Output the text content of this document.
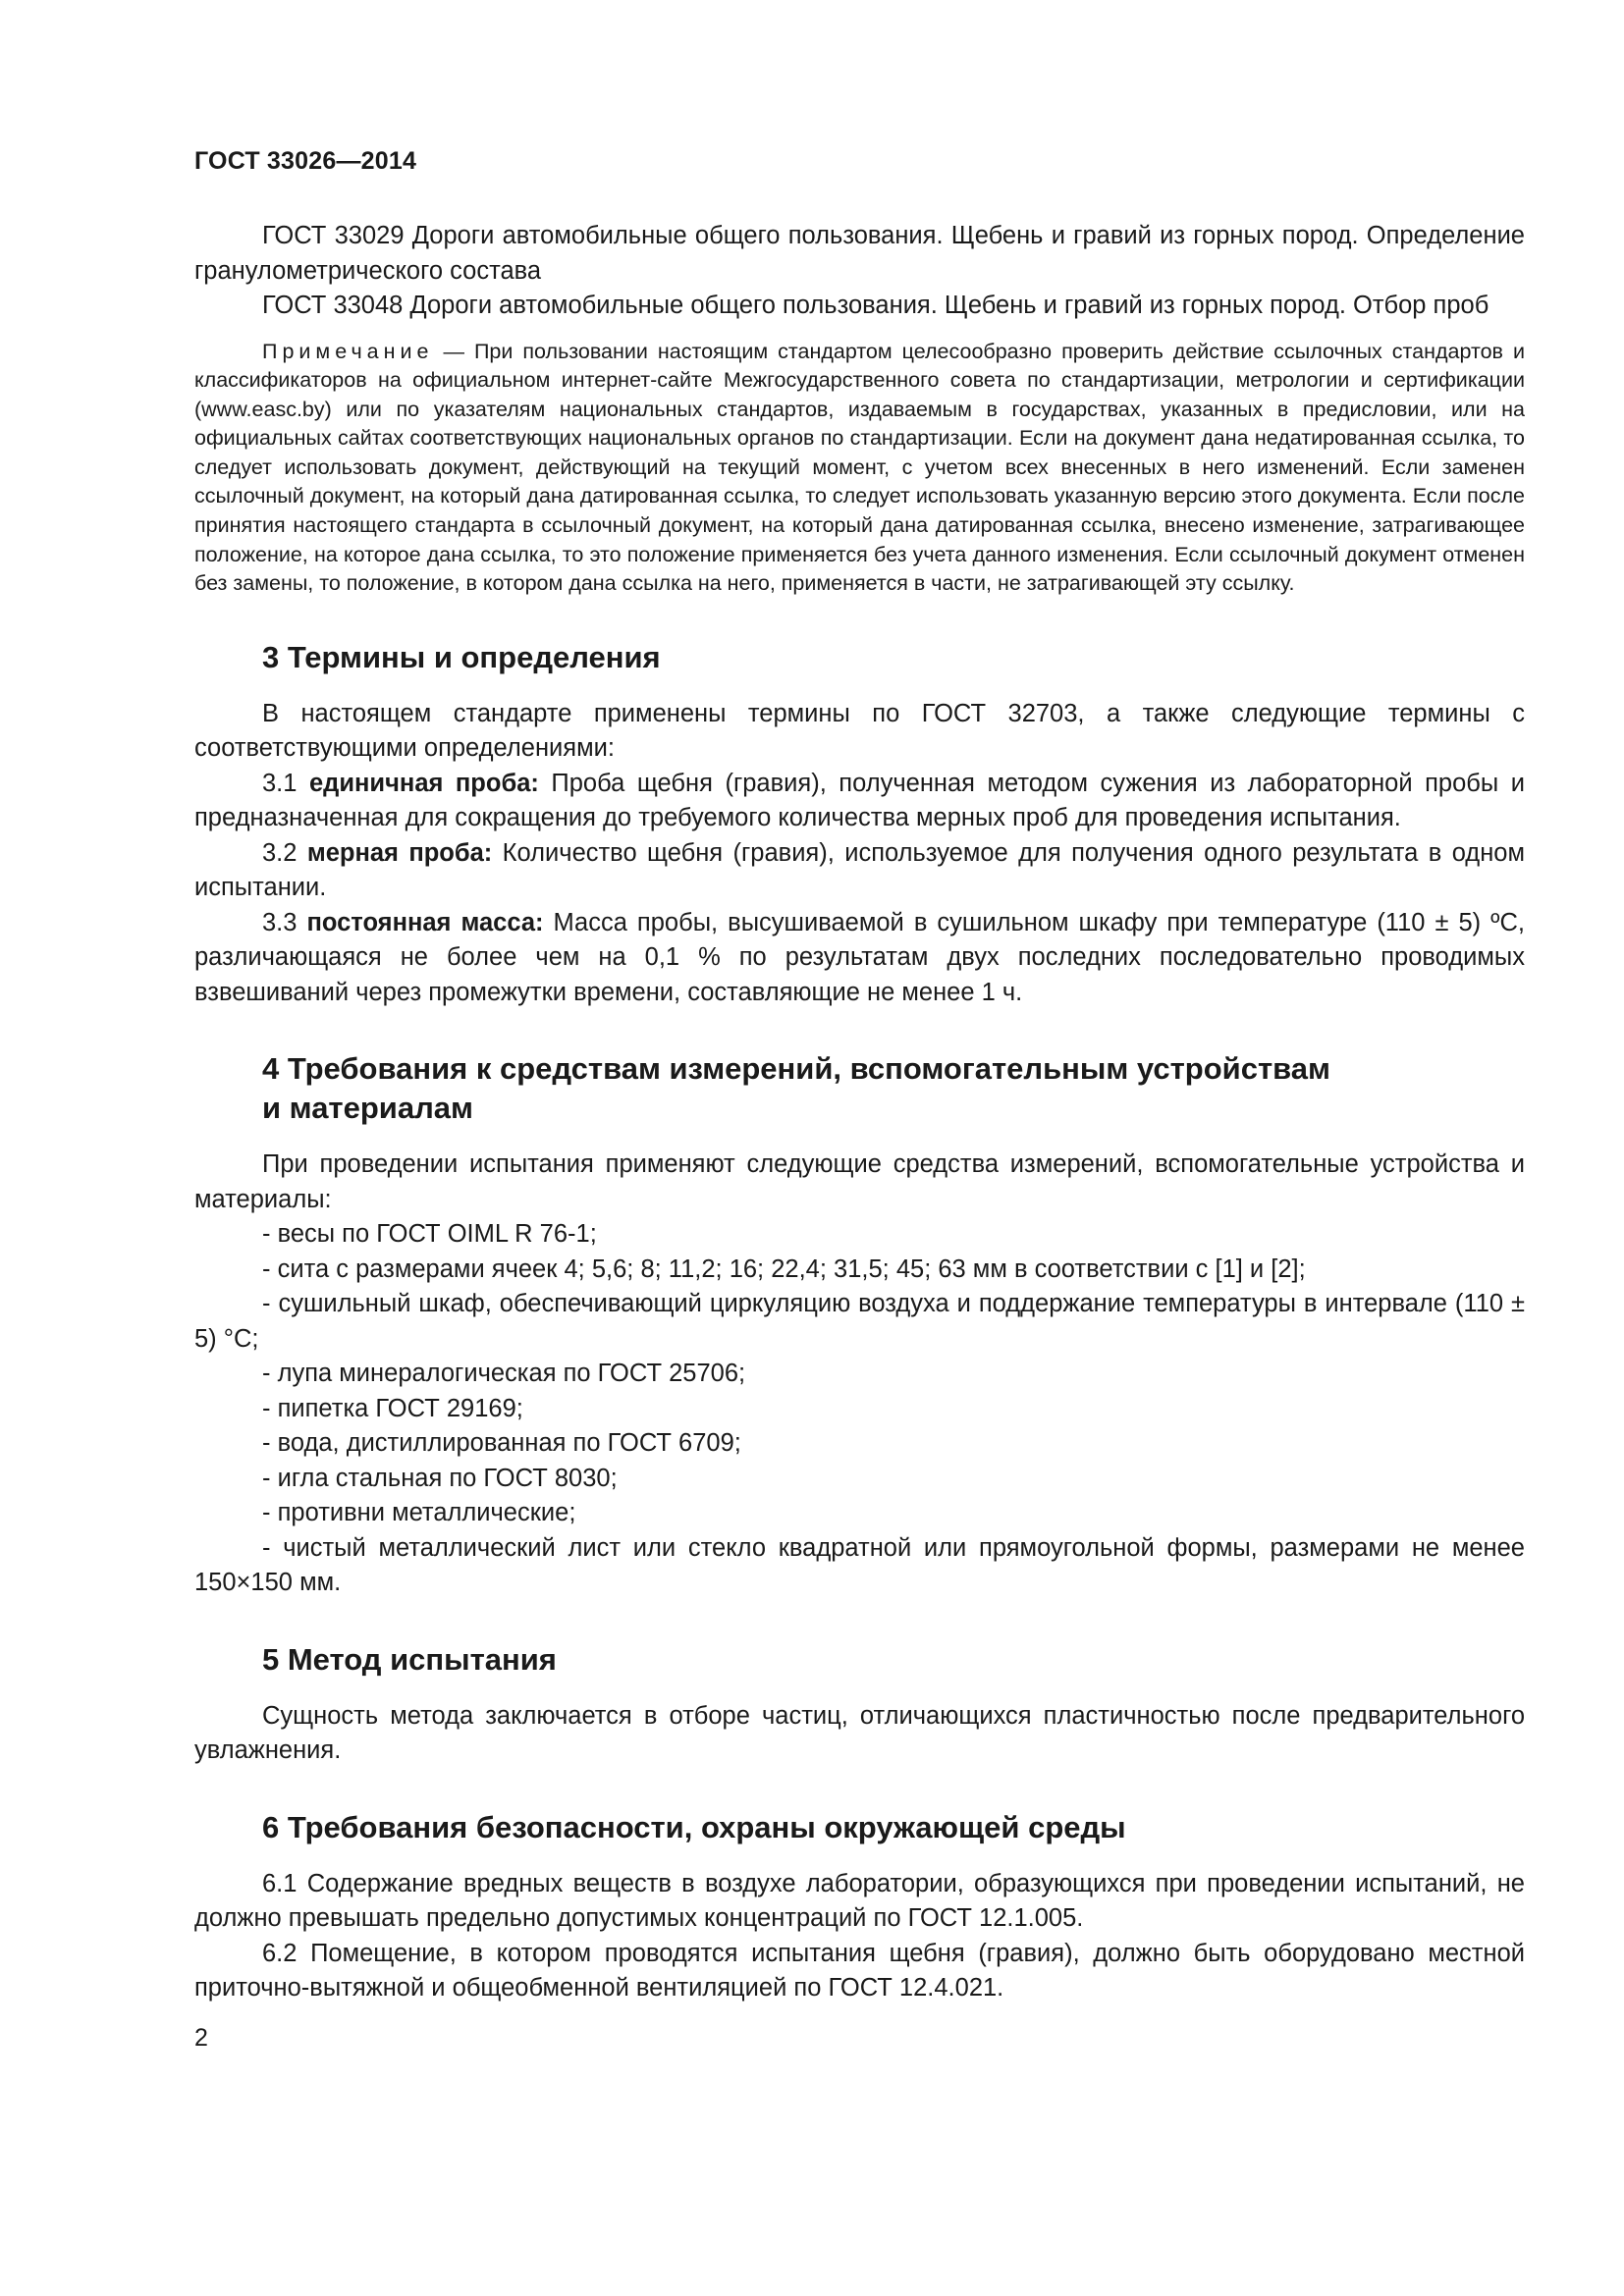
ГОСТ 33026—2014

ГОСТ 33029 Дороги автомобильные общего пользования. Щебень и гравий из горных пород. Определение гранулометрического состава

ГОСТ 33048 Дороги автомобильные общего пользования. Щебень и гравий из горных пород. Отбор проб

Примечание — При пользовании настоящим стандартом целесообразно проверить действие ссылочных стандартов и классификаторов на официальном интернет-сайте Межгосударственного совета по стандартизации, метрологии и сертификации (www.easc.by) или по указателям национальных стандартов, издаваемым в государствах, указанных в предисловии, или на официальных сайтах соответствующих национальных органов по стандартизации. Если на документ дана недатированная ссылка, то следует использовать документ, действующий на текущий момент, с учетом всех внесенных в него изменений. Если заменен ссылочный документ, на который дана датированная ссылка, то следует использовать указанную версию этого документа. Если после принятия настоящего стандарта в ссылочный документ, на который дана датированная ссылка, внесено изменение, затрагивающее положение, на которое дана ссылка, то это положение применяется без учета данного изменения. Если ссылочный документ отменен без замены, то положение, в котором дана ссылка на него, применяется в части, не затрагивающей эту ссылку.
3 Термины и определения

В настоящем стандарте применены термины по ГОСТ 32703, а также следующие термины с соответствующими определениями:

3.1 единичная проба: Проба щебня (гравия), полученная методом сужения из лабораторной пробы и предназначенная для сокращения до требуемого количества мерных проб для проведения испытания.

3.2 мерная проба: Количество щебня (гравия), используемое для получения одного результата в одном испытании.

3.3 постоянная масса: Масса пробы, высушиваемой в сушильном шкафу при температуре (110 ± 5) ºС, различающаяся не более чем на 0,1 % по результатам двух последних последовательно проводимых взвешиваний через промежутки времени, составляющие не менее 1 ч.

4 Требования к средствам измерений, вспомогательным устройствам
и материалам

При проведении испытания применяют следующие средства измерений, вспомогательные устройства и материалы:

- весы по ГОСТ OIML R 76-1;

- сита с размерами ячеек 4; 5,6; 8; 11,2; 16; 22,4; 31,5; 45; 63 мм в соответствии с [1] и [2];

- сушильный шкаф, обеспечивающий циркуляцию воздуха и поддержание температуры в интервале (110 ± 5) °С;

- лупа минералогическая по ГОСТ 25706;

- пипетка ГОСТ 29169;

- вода, дистиллированная по ГОСТ 6709;

- игла стальная по ГОСТ 8030;

- противни металлические;

- чистый металлический лист или стекло квадратной или прямоугольной формы, размерами не менее 150×150 мм.

5 Метод испытания

Сущность метода заключается в отборе частиц, отличающихся пластичностью после предварительного увлажнения.

6 Требования безопасности, охраны окружающей среды

6.1 Содержание вредных веществ в воздухе лаборатории, образующихся при проведении испытаний, не должно превышать предельно допустимых концентраций по ГОСТ 12.1.005.

6.2 Помещение, в котором проводятся испытания щебня (гравия), должно быть оборудовано местной приточно-вытяжной и общеобменной вентиляцией по ГОСТ 12.4.021.

2
